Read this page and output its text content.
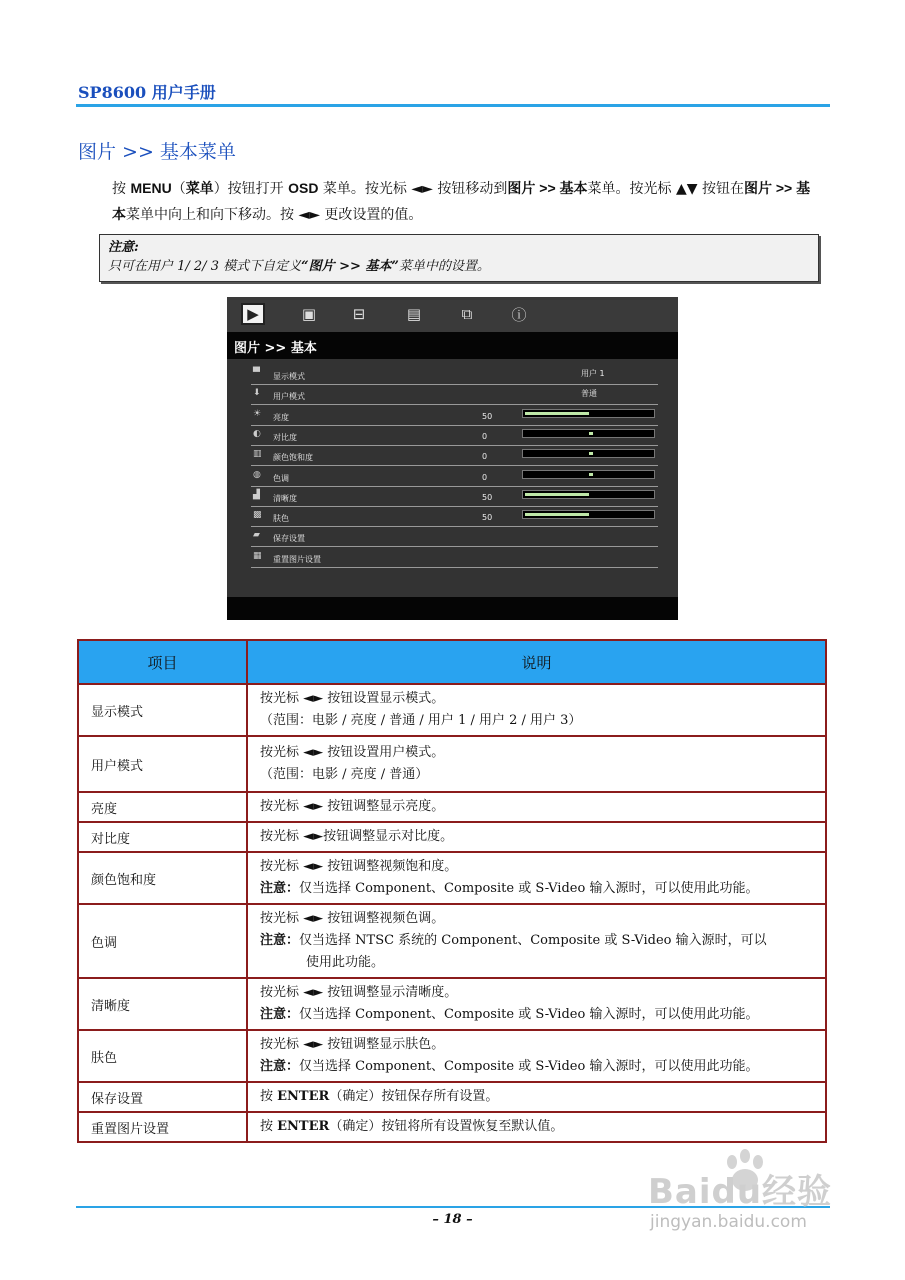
SP8600 用户手册
图片 >> 基本菜单

按 MENU（菜单）按钮打开 OSD 菜单。按光标 ◄► 按钮移动到图片 >> 基本菜单。按光标 ▲▼ 按钮在图片 >> 基本菜单中向上和向下移动。按 ◄► 更改设置的值。

注意:
只可在用户 1/ 2/ 3 模式下自定义“图片 >> 基本”菜单中的设置。
▶	▣	⊟	▤	⧉	ⓘ
图片 >> 基本
▀	显示模式	用户 1
⬇	用户模式	普通
☀ 亮度	50
◐ 对比度	0
▥ 颜色饱和度	0
◍ 色调	0
▟	清晰度	50
▩ 肤色	50
▰	保存设置
▦ 重置图片设置
项目	说明
显示模式	按光标 ◄► 按钮设置显示模式。
（范围：电影 / 亮度 / 普通 / 用户 1 / 用户 2 / 用户 3）

用户模式	按光标 ◄► 按钮设置用户模式。
（范围：电影 / 亮度 / 普通）

亮度	按光标 ◄► 按钮调整显示亮度。

对比度	按光标 ◄►按钮调整显示对比度。

颜色饱和度	按光标 ◄► 按钮调整视频饱和度。
注意：仅当选择 Component、Composite 或 S-Video 输入源时，可以使用此功能。

色调	按光标 ◄► 按钮调整视频色调。
注意：仅当选择 NTSC 系统的 Component、Composite 或 S-Video 输入源时，可以
使用此功能。

清晰度	按光标 ◄► 按钮调整显示清晰度。
注意：仅当选择 Component、Composite 或 S-Video 输入源时，可以使用此功能。

肤色	按光标 ◄► 按钮调整显示肤色。
注意：仅当选择 Component、Composite 或 S-Video 输入源时，可以使用此功能。

保存设置	按 ENTER（确定）按钮保存所有设置。

重置图片设置	按 ENTER（确定）按钮将所有设置恢复至默认值。
– 18 –
Baidu经验
jingyan.baidu.com
